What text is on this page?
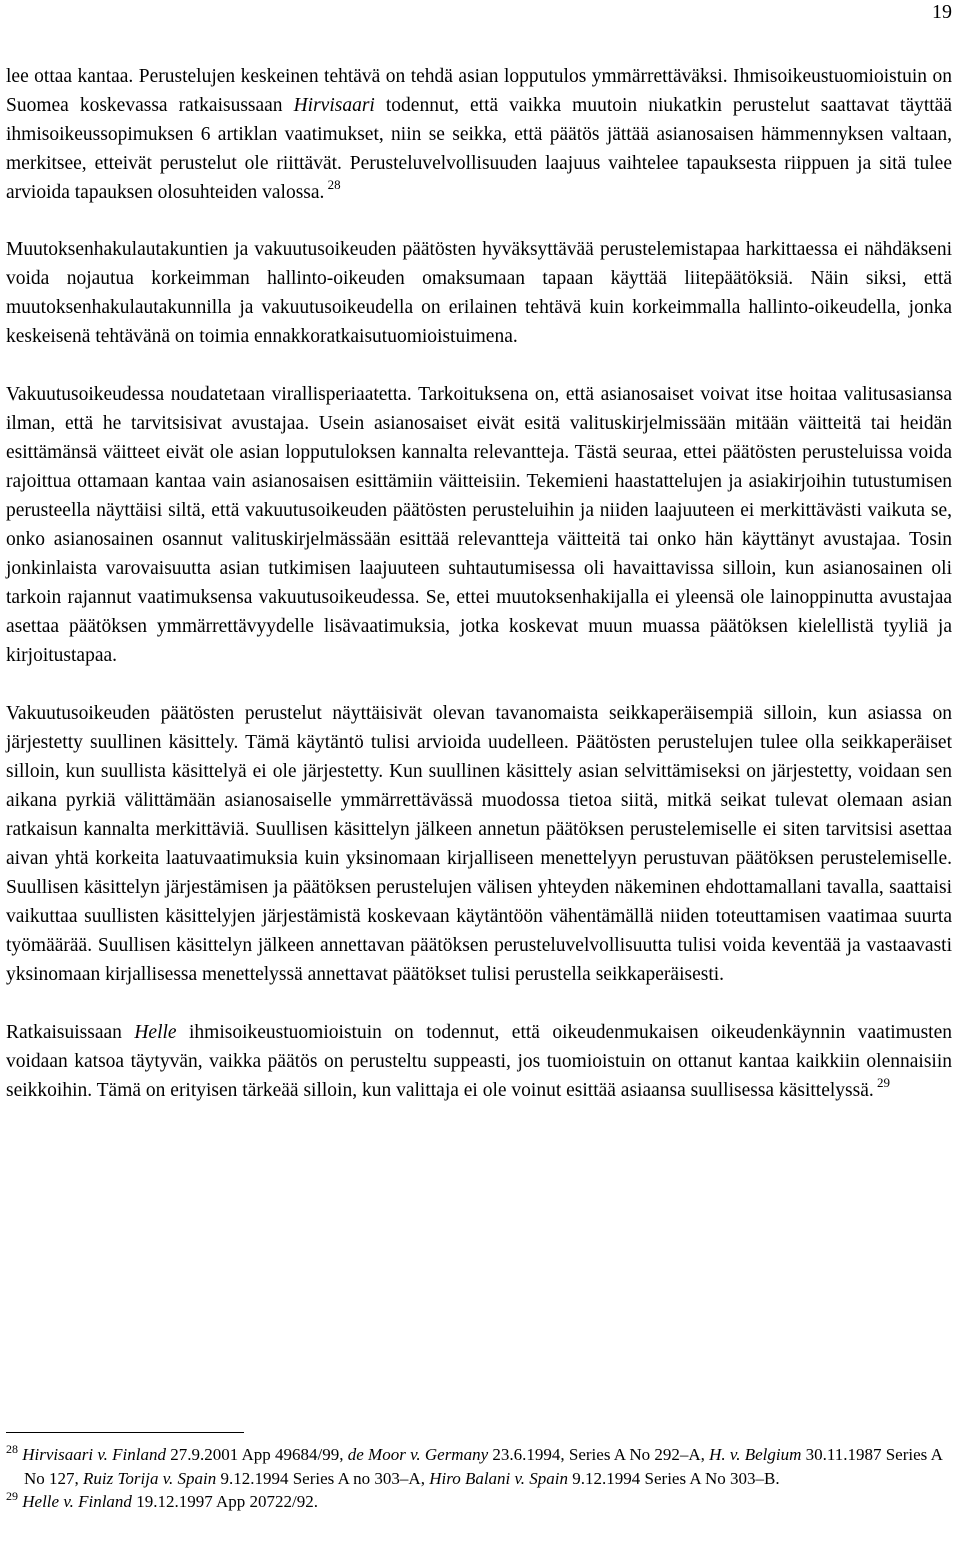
19

lee ottaa kantaa. Perustelujen keskeinen tehtävä on tehdä asian lopputulos ymmärrettäväksi. Ihmisoikeustuomioistuin on Suomea koskevassa ratkaisussaan Hirvisaari todennut, että vaikka muutoin niukatkin perustelut saattavat täyttää ihmisoikeussopimuksen 6 artiklan vaatimukset, niin se seikka, että päätös jättää asianosaisen hämmennyksen valtaan, merkitsee, etteivät perustelut ole riittävät. Perusteluvelvollisuuden laajuus vaihtelee tapauksesta riippuen ja sitä tulee arvioida tapauksen olosuhteiden valossa. $^{28}$

Muutoksenhakulautakuntien ja vakuutusoikeuden päätösten hyväksyttävää perustelemistapaa harkittaessa ei nähdäkseni voida nojautua korkeimman hallinto-oikeuden omaksumaan tapaan käyttää liitepäätöksiä. Näin siksi, että muutoksenhakulautakunnilla ja vakuutusoikeudella on erilainen tehtävä kuin korkeimmalla hallinto-oikeudella, jonka keskeisenä tehtävänä on toimia ennakkoratkaisutuomioistuimena.

Vakuutusoikeudessa noudatetaan virallisperiaatetta. Tarkoituksena on, että asianosaiset voivat itse hoitaa valitusasiansa ilman, että he tarvitsisivat avustajaa. Usein asianosaiset eivät esitä valituskirjelmissään mitään väitteitä tai heidän esittämänsä väitteet eivät ole asian lopputuloksen kannalta relevantteja. Tästä seuraa, ettei päätösten perusteluissa voida rajoittua ottamaan kantaa vain asianosaisen esittämiin väitteisiin. Tekemieni haastattelujen ja asiakirjoihin tutustumisen perusteella näyttäisi siltä, että vakuutusoikeuden päätösten perusteluihin ja niiden laajuuteen ei merkittävästi vaikuta se, onko asianosainen osannut valituskirjelmässään esittää relevantteja väitteitä tai onko hän käyttänyt avustajaa. Tosin jonkinlaista varovaisuutta asian tutkimisen laajuuteen suhtautumisessa oli havaittavissa silloin, kun asianosainen oli tarkoin rajannut vaatimuksensa vakuutusoikeudessa. Se, ettei muutoksenhakijalla ei yleensä ole lainoppinutta avustajaa asettaa päätöksen ymmärrettävyydelle lisävaatimuksia, jotka koskevat muun muassa päätöksen kielellistä tyyliä ja kirjoitustapaa.

Vakuutusoikeuden päätösten perustelut näyttäisivät olevan tavanomaista seikkaperäisempiä silloin, kun asiassa on järjestetty suullinen käsittely. Tämä käytäntö tulisi arvioida uudelleen. Päätösten perustelujen tulee olla seikkaperäiset silloin, kun suullista käsittelyä ei ole järjestetty. Kun suullinen käsittely asian selvittämiseksi on järjestetty, voidaan sen aikana pyrkiä välittämään asianosaiselle ymmärrettävässä muodossa tietoa siitä, mitkä seikat tulevat olemaan asian ratkaisun kannalta merkittäviä. Suullisen käsittelyn jälkeen annetun päätöksen perustelemiselle ei siten tarvitsisi asettaa aivan yhtä korkeita laatuvaatimuksia kuin yksinomaan kirjalliseen menettelyyn perustuvan päätöksen perustelemiselle. Suullisen käsittelyn järjestämisen ja päätöksen perustelujen välisen yhteyden näkeminen ehdottamallani tavalla, saattaisi vaikuttaa suullisten käsittelyjen järjestämistä koskevaan käytäntöön vähentämällä niiden toteuttamisen vaatimaa suurta työmäärää. Suullisen käsittelyn jälkeen annettavan päätöksen perusteluvelvollisuutta tulisi voida keventää ja vastaavasti yksinomaan kirjallisessa menettelyssä annettavat päätökset tulisi perustella seikkaperäisesti.

Ratkaisuissaan Helle ihmisoikeustuomioistuin on todennut, että oikeudenmukaisen oikeudenkäynnin vaatimusten voidaan katsoa täytyvän, vaikka päätös on perusteltu suppeasti, jos tuomioistuin on ottanut kantaa kaikkiin olennaisiin seikkoihin. Tämä on erityisen tärkeää silloin, kun valittaja ei ole voinut esittää asiaansa suullisessa käsittelyssä. $^{29}$

$^{28}$ Hirvisaari v. Finland 27.9.2001 App 49684/99, de Moor v. Germany 23.6.1994, Series A No 292–A, H. v. Belgium 30.11.1987 Series A No 127, Ruiz Torija v. Spain 9.12.1994 Series A no 303–A, Hiro Balani v. Spain 9.12.1994 Series A No 303–B.

$^{29}$ Helle v. Finland 19.12.1997 App 20722/92.
